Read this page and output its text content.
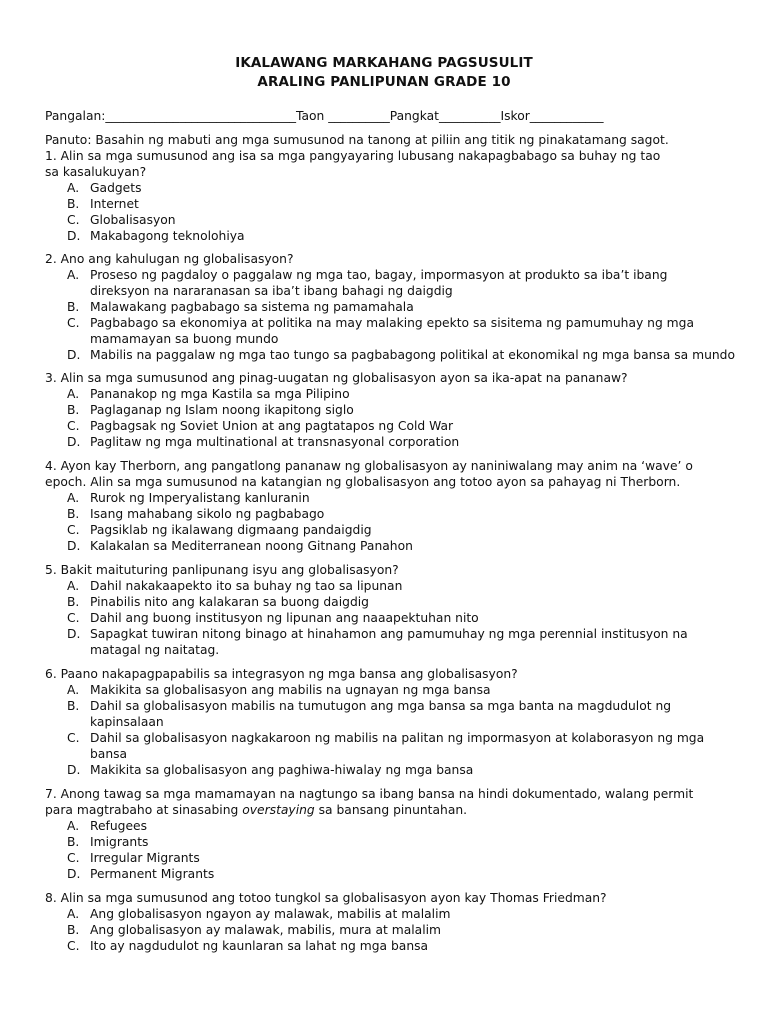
IKALAWANG MARKAHANG PAGSUSULIT
ARALING PANLIPUNAN GRADE 10
Pangalan:_______________________________Taon __________Pangkat__________Iskor____________
Panuto: Basahin ng mabuti ang mga sumusunod na tanong at piliin ang titik ng pinakatamang sagot.
1. Alin sa mga sumusunod ang isa sa mga pangyayaring lubusang nakapagbabago sa buhay ng tao sa kasalukuyan?
A. Gadgets
B. Internet
C. Globalisasyon
D. Makabagong teknolohiya
2. Ano ang kahulugan ng globalisasyon?
A. Proseso ng pagdaloy o paggalaw ng mga tao, bagay, impormasyon at produkto sa iba’t ibang direksyon na nararanasan sa iba’t ibang bahagi ng daigdig
B. Malawakang pagbabago sa sistema ng pamamahala
C. Pagbabago sa ekonomiya at politika na may malaking epekto sa sisitema ng pamumuhay ng mga mamamayan sa buong mundo
D. Mabilis na paggalaw ng mga tao tungo sa pagbabagong politikal at ekonomikal ng mga bansa sa mundo
3. Alin sa mga sumusunod ang pinag-uugatan ng globalisasyon ayon sa ika-apat na pananaw?
A. Pananakop ng mga Kastila sa mga Pilipino
B. Paglaganap ng Islam noong ikapitong siglo
C. Pagbagsak ng Soviet Union at ang pagtatapos ng Cold War
D. Paglitaw ng mga multinational at transnasyonal corporation
4. Ayon kay Therborn, ang pangatlong pananaw ng globalisasyon ay naniniwalang may anim na ‘wave’ o epoch. Alin sa mga sumusunod na katangian ng globalisasyon ang totoo ayon sa pahayag ni Therborn.
A. Rurok ng Imperyalistang kanluranin
B. Isang mahabang sikolo ng pagbabago
C. Pagsiklab ng ikalawang digmaang pandaigdig
D. Kalakalan sa Mediterranean noong Gitnang Panahon
5. Bakit maituturing panlipunang isyu ang globalisasyon?
A. Dahil nakakaapekto ito sa buhay ng tao sa lipunan
B. Pinabilis nito ang kalakaran sa buong daigdig
C. Dahil ang buong institusyon ng lipunan ang naaapektuhan nito
D. Sapagkat tuwiran nitong binago at hinahamon ang pamumuhay ng mga perennial institusyon na matagal ng naitatag.
6. Paano nakapagpapabilis sa integrasyon ng mga bansa ang globalisasyon?
A. Makikita sa globalisasyon ang mabilis na ugnayan ng mga bansa
B. Dahil sa globalisasyon mabilis na tumutugon ang mga bansa sa mga banta na magdudulot ng kapinsalaan
C. Dahil sa globalisasyon nagkakaroon ng mabilis na palitan ng impormasyon at kolaborasyon ng mga bansa
D. Makikita sa globalisasyon ang paghiwa-hiwalay ng mga bansa
7. Anong tawag sa mga mamamayan na nagtungo sa ibang bansa na hindi dokumentado, walang permit para magtrabaho at sinasabing overstaying sa bansang pinuntahan.
A. Refugees
B. Imigrants
C. Irregular Migrants
D. Permanent Migrants
8. Alin sa mga sumusunod ang totoo tungkol sa globalisasyon ayon kay Thomas Friedman?
A. Ang globalisasyon ngayon ay malawak, mabilis at malalim
B. Ang globalisasyon ay malawak, mabilis, mura at malalim
C. Ito ay nagdudulot ng kaunlaran sa lahat ng mga bansa
